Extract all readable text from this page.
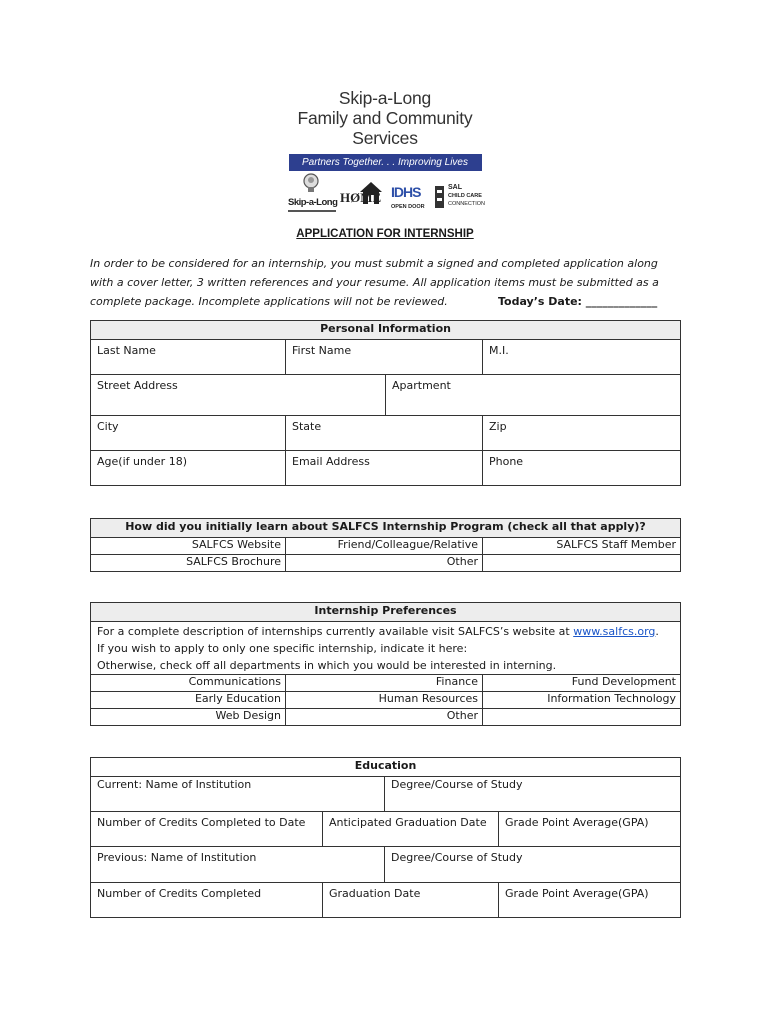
Skip-a-Long
Family and Community
Services
Partners Together. . . Improving Lives
Skip-a-Long HØME IDHS
OPEN DOOR
SAL
CHILD CARE
CONNECTION
APPLICATION FOR INTERNSHIP
In order to be considered for an internship, you must submit a signed and completed application along
with a cover letter, 3 written references and your resume. All application items must be submitted as a
complete package. Incomplete applications will not be reviewed.	Today’s Date: _____________
Personal Information			
Last Name	First Name		M.I.
Street Address		Apartment	
City	State		Zip
Age(if under 18)	Email Address		Phone
How did you initially learn about SALFCS Internship Program (check all that apply)?		
SALFCS Website	Friend/Colleague/Relative	SALFCS Staff Member
SALFCS Brochure	Other	
Internship Preferences		

For a complete description of internships currently available visit SALFCS’s website at www.salfcs.org.
If you wish to apply to only one specific internship, indicate it here:
Otherwise, check off all departments in which you would be interested in interning.		

Communications	Finance	Fund Development
Early Education	Human Resources	Information Technology
Web Design	Other	
Education			
Current: Name of Institution		Degree/Course of Study	
Number of Credits Completed to Date	Anticipated Graduation Date		Grade Point Average(GPA)
Previous: Name of Institution		Degree/Course of Study	
Number of Credits Completed	Graduation Date		Grade Point Average(GPA)
